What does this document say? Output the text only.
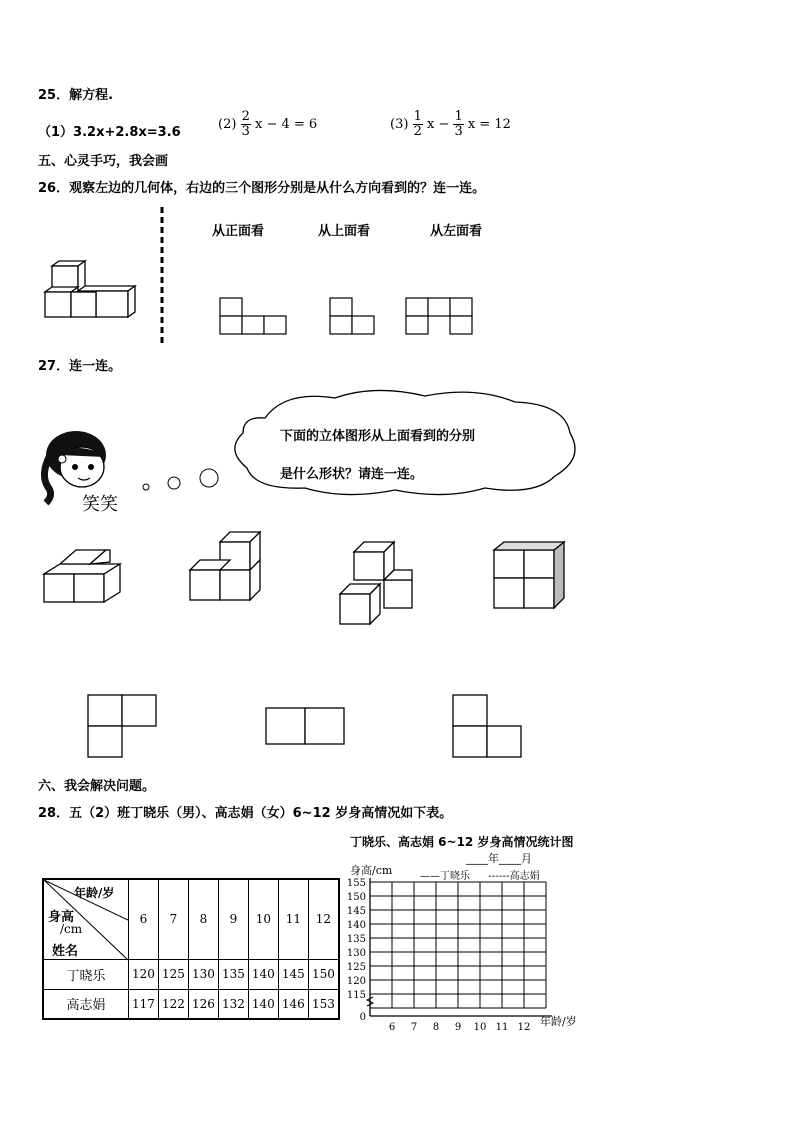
25．解方程.
（1）3.2x+2.8x=3.6
$(2) \frac{2}{3}$ x − 4 = 6	$(3) \frac{1}{2}$ $x - \frac{1}{3}$ x = 12
五、心灵手巧，我会画
26．观察左边的几何体，右边的三个图形分别是从什么方向看到的？连一连。
从正面看	从上面看	从左面看
27．连一连。
笑笑
下面的立体图形从上面看到的分别
是什么形状？请连一连。
六、我会解决问题。
28．五（2）班丁晓乐（男）、高志娟（女）6~12 岁身高情况如下表。
年龄/岁
身高
/cm
姓名	6	7	8	9	10	11	12
丁晓乐	120	125	130	135	140	145	150
高志娟	117	122	126	132	140	146	153
丁晓乐、高志娟 6~12 岁身高情况统计图
____年____月
身高/cm	——丁晓乐 ------高志娟
年龄/岁
155
150
145
140
135
130
125
120
115
0
6 7 8 9 10 11 12
